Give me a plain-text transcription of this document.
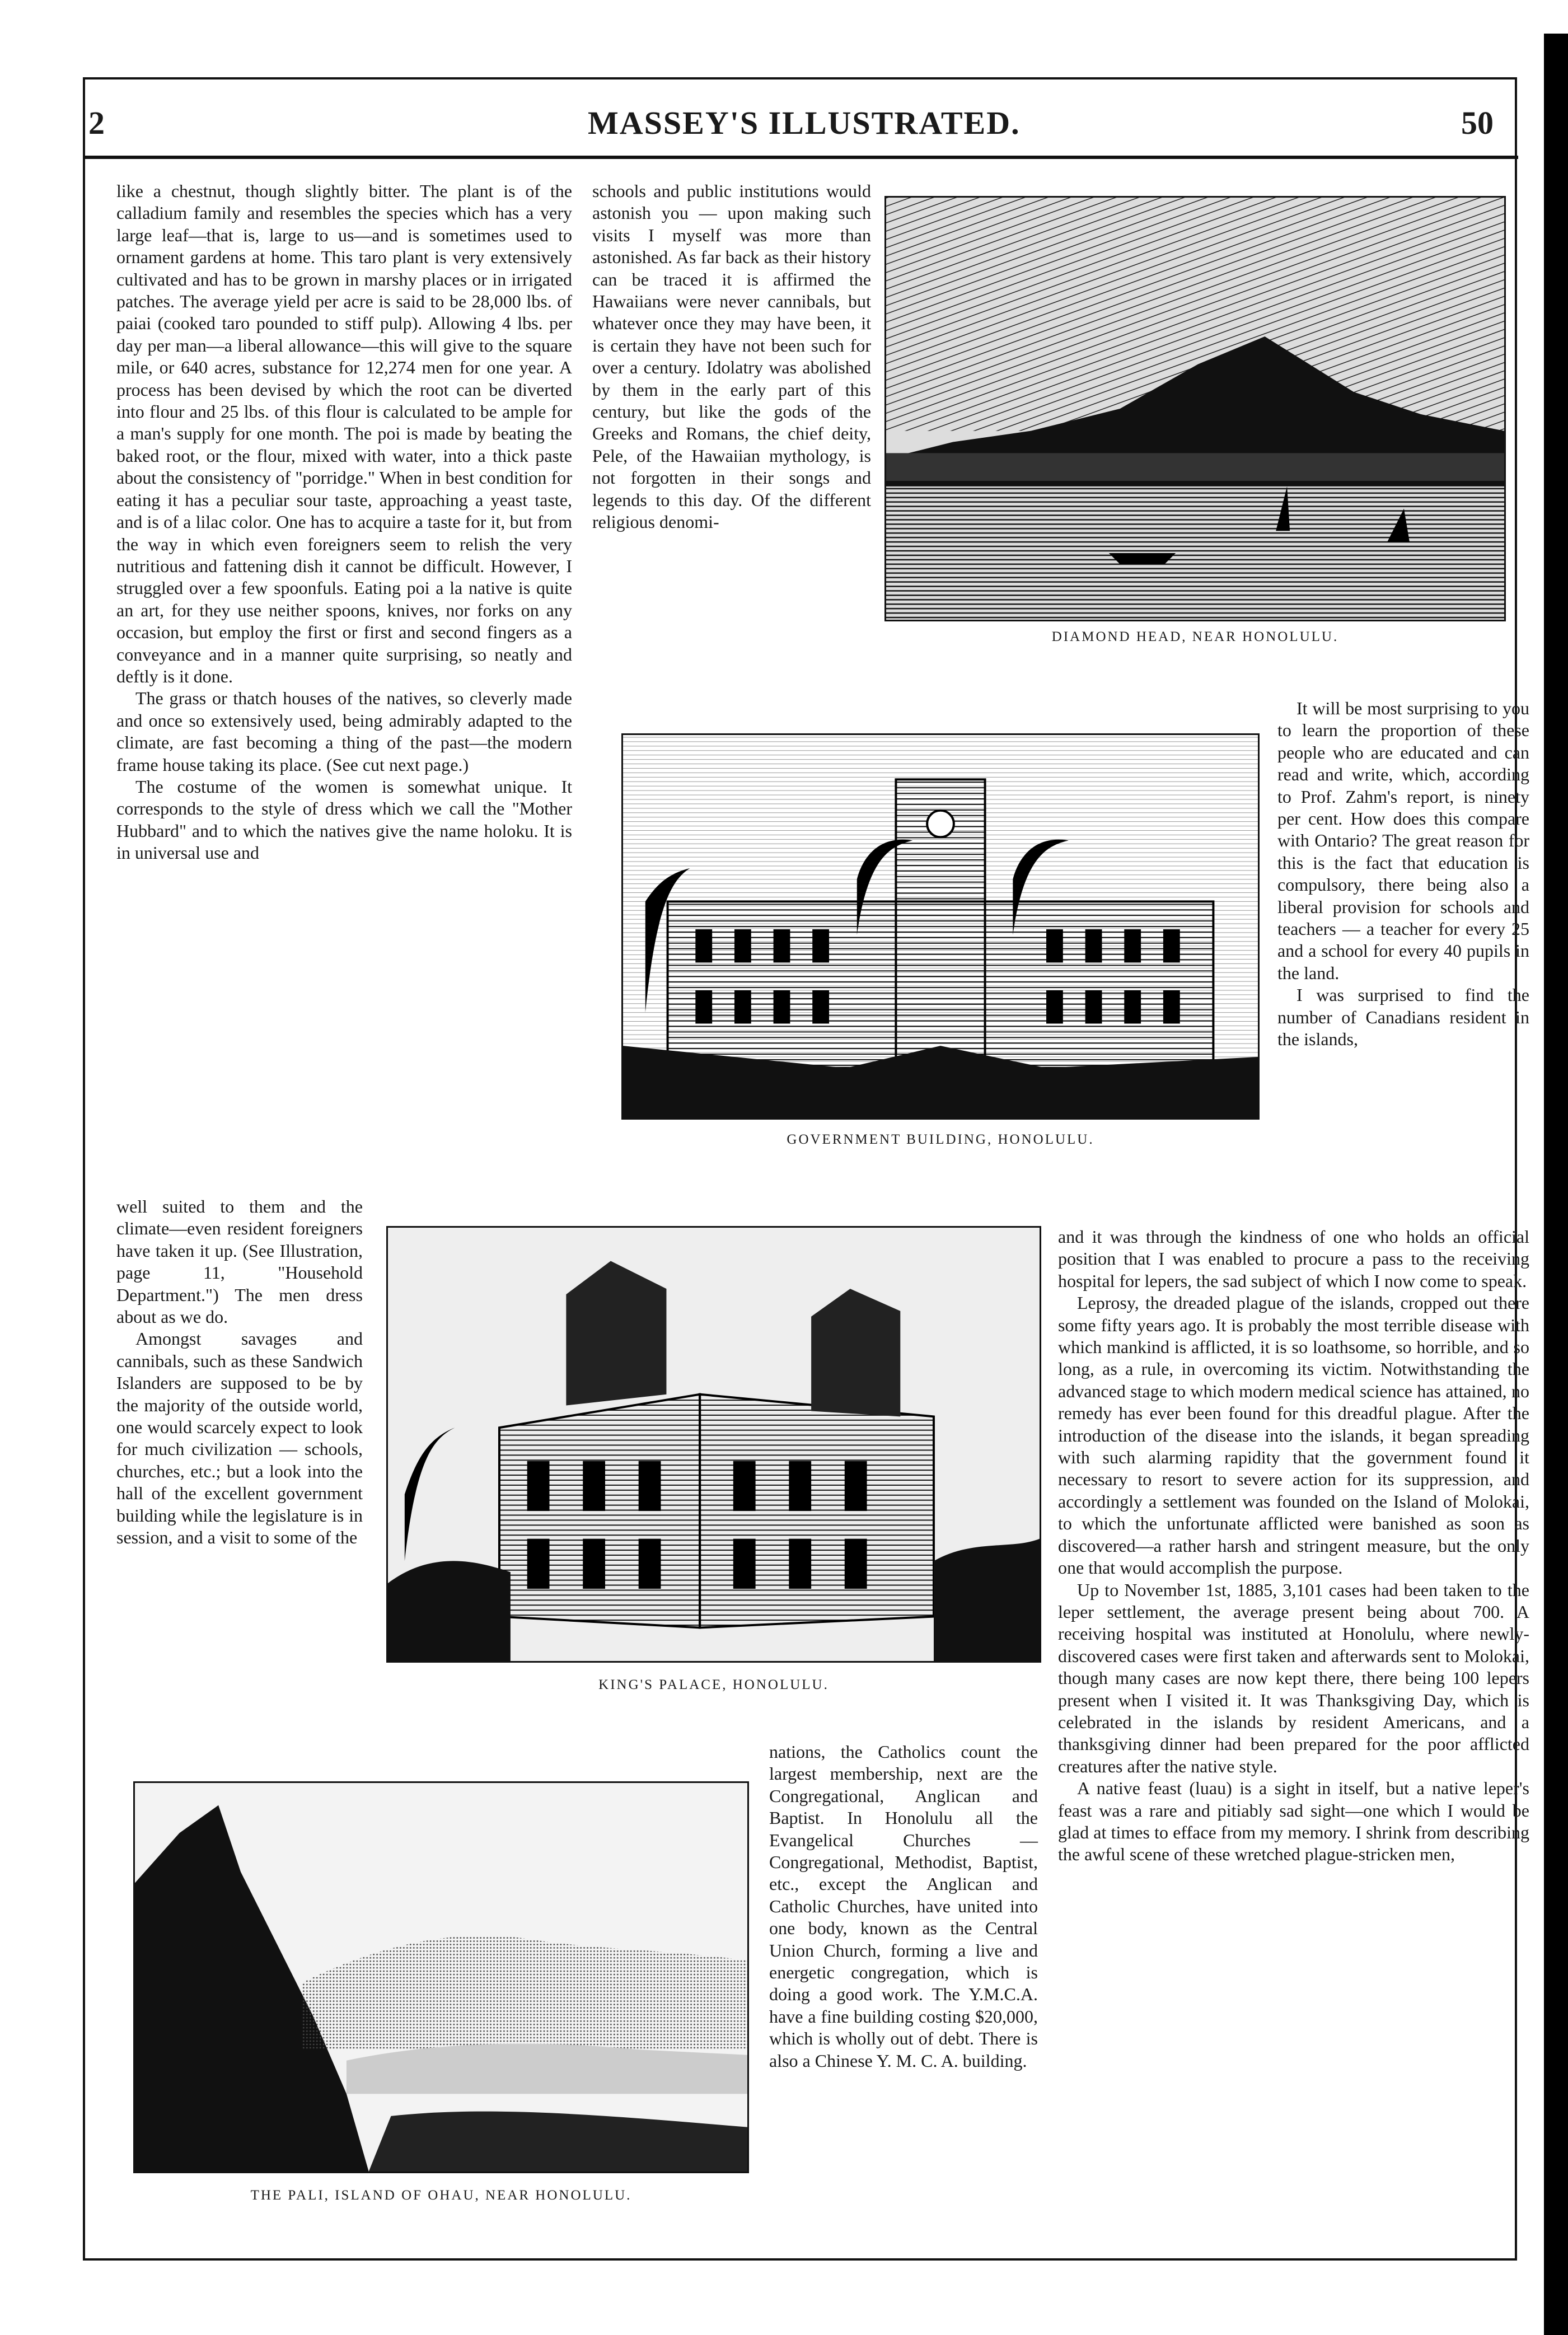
2	MASSEY'S ILLUSTRATED.	50

like a chestnut, though slightly bitter. The plant is of the calladium family and resembles the species which has a very large leaf—that is, large to us—and is sometimes used to ornament gardens at home. This taro plant is very extensively cultivated and has to be grown in marshy places or in irrigated patches. The average yield per acre is said to be 28,000 lbs. of paiai (cooked taro pounded to stiff pulp). Allowing 4 lbs. per day per man—a liberal allowance—this will give to the square mile, or 640 acres, substance for 12,274 men for one year. A process has been devised by which the root can be diverted into flour and 25 lbs. of this flour is calculated to be ample for a man's supply for one month. The poi is made by beating the baked root, or the flour, mixed with water, into a thick paste about the consistency of "porridge." When in best condition for eating it has a peculiar sour taste, approaching a yeast taste, and is of a lilac color. One has to acquire a taste for it, but from the way in which even foreigners seem to relish the very nutritious and fattening dish it cannot be difficult. However, I struggled over a few spoonfuls. Eating poi a la native is quite an art, for they use neither spoons, knives, nor forks on any occasion, but employ the first or first and second fingers as a conveyance and in a manner quite surprising, so neatly and deftly is it done.

The grass or thatch houses of the natives, so cleverly made and once so extensively used, being admirably adapted to the climate, are fast becoming a thing of the past—the modern frame house taking its place. (See cut next page.)

The costume of the women is somewhat unique. It corresponds to the style of dress which we call the "Mother Hubbard" and to which the natives give the name holoku. It is in universal use and

well suited to them and the climate—even resident foreigners have taken it up. (See Illustration, page 11, "Household Department.") The men dress about as we do.

Amongst savages and cannibals, such as these Sandwich Islanders are supposed to be by the majority of the outside world, one would scarcely expect to look for much civilization — schools, churches, etc.; but a look into the hall of the excellent government building while the legislature is in session, and a visit to some of the

schools and public institutions would astonish you — upon making such visits I myself was more than astonished. As far back as their history can be traced it is affirmed the Hawaiians were never cannibals, but whatever once they may have been, it is certain they have not been such for over a century. Idolatry was abolished by them in the early part of this century, but like the gods of the Greeks and Romans, the chief deity, Pele, of the Hawaiian mythology, is not forgotten in their songs and legends to this day. Of the different religious denomi-

DIAMOND HEAD, NEAR HONOLULU.
GOVERNMENT BUILDING, HONOLULU.

It will be most surprising to you to learn the proportion of these people who are educated and can read and write, which, according to Prof. Zahm's report, is ninety per cent. How does this compare with Ontario? The great reason for this is the fact that education is compulsory, there being also a liberal provision for schools and teachers — a teacher for every 25 and a school for every 40 pupils in the land.

I was surprised to find the number of Canadians resident in the islands,

and it was through the kindness of one who holds an official position that I was enabled to procure a pass to the receiving hospital for lepers, the sad subject of which I now come to speak.

Leprosy, the dreaded plague of the islands, cropped out there some fifty years ago. It is probably the most terrible disease with which mankind is afflicted, it is so loathsome, so horrible, and so long, as a rule, in overcoming its victim. Notwithstanding the advanced stage to which modern medical science has attained, no remedy has ever been found for this dreadful plague. After the introduction of the disease into the islands, it began spreading with such alarming rapidity that the government found it necessary to resort to severe action for its suppression, and accordingly a settlement was founded on the Island of Molokai, to which the unfortunate afflicted were banished as soon as discovered—a rather harsh and stringent measure, but the only one that would accomplish the purpose.

Up to November 1st, 1885, 3,101 cases had been taken to the leper settlement, the average present being about 700. A receiving hospital was instituted at Honolulu, where newly-discovered cases were first taken and afterwards sent to Molokai, though many cases are now kept there, there being 100 lepers present when I visited it. It was Thanksgiving Day, which is celebrated in the islands by resident Americans, and a thanksgiving dinner had been prepared for the poor afflicted creatures after the native style.

A native feast (luau) is a sight in itself, but a native leper's feast was a rare and pitiably sad sight—one which I would be glad at times to efface from my memory. I shrink from describing the awful scene of these wretched plague-stricken men,

KING'S PALACE, HONOLULU.
THE PALI, ISLAND OF OHAU, NEAR HONOLULU.

nations, the Catholics count the largest membership, next are the Congregational, Anglican and Baptist. In Honolulu all the Evangelical Churches —Congregational, Methodist, Baptist, etc., except the Anglican and Catholic Churches, have united into one body, known as the Central Union Church, forming a live and energetic congregation, which is doing a good work. The Y.M.C.A. have a fine building costing $20,000, which is wholly out of debt. There is also a Chinese Y. M. C. A. building.
